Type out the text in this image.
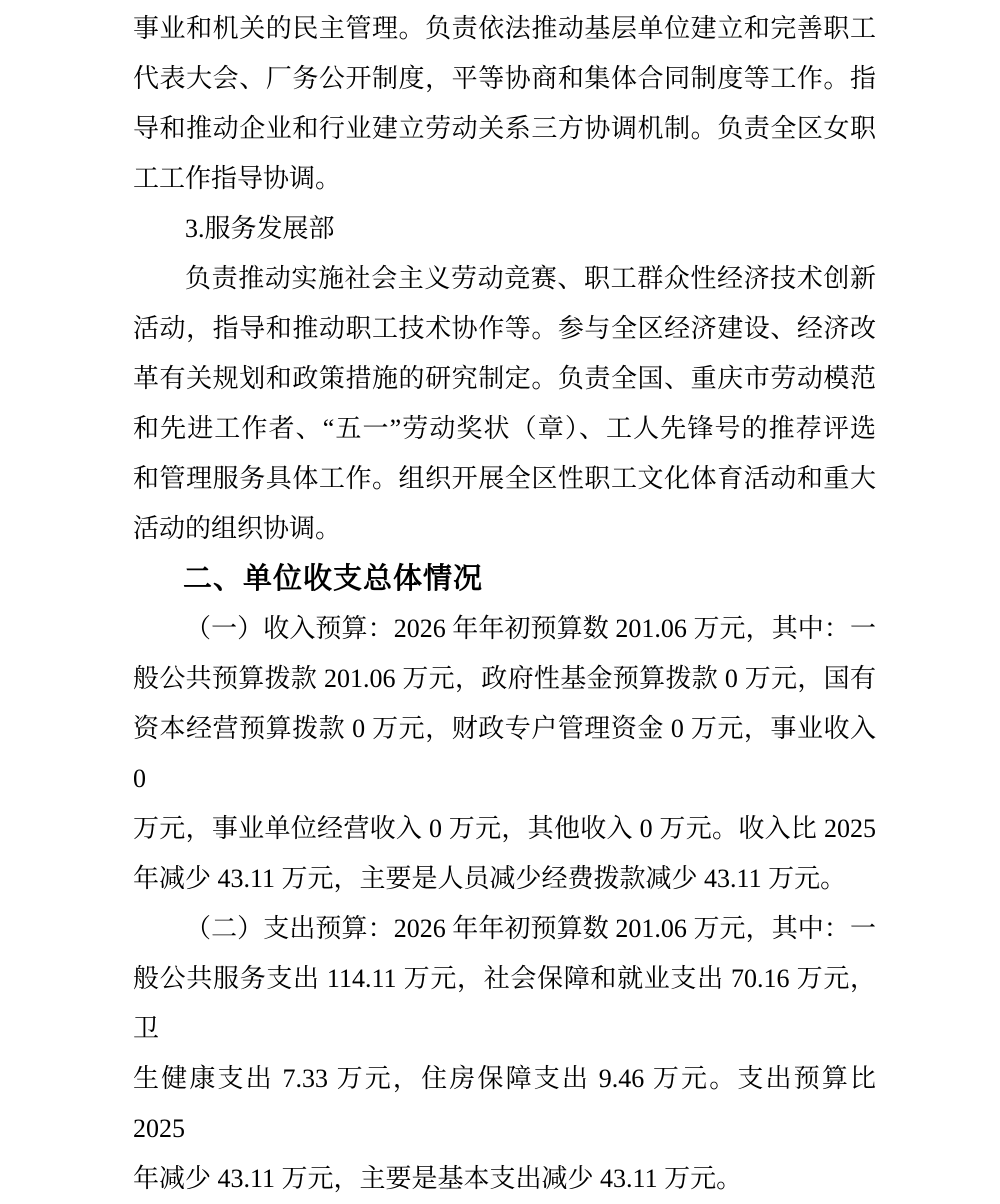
事业和机关的民主管理。负责依法推动基层单位建立和完善职工
代表大会、厂务公开制度，平等协商和集体合同制度等工作。指
导和推动企业和行业建立劳动关系三方协调机制。负责全区女职
工工作指导协调。
3.服务发展部
负责推动实施社会主义劳动竞赛、职工群众性经济技术创新
活动，指导和推动职工技术协作等。参与全区经济建设、经济改
革有关规划和政策措施的研究制定。负责全国、重庆市劳动模范
和先进工作者、“五一”劳动奖状（章）、工人先锋号的推荐评选
和管理服务具体工作。组织开展全区性职工文化体育活动和重大
活动的组织协调。
二、单位收支总体情况
（一）收入预算：2026 年年初预算数 201.06 万元，其中：一
般公共预算拨款 201.06 万元，政府性基金预算拨款 0 万元，国有
资本经营预算拨款 0 万元，财政专户管理资金 0 万元，事业收入 0
万元，事业单位经营收入 0 万元，其他收入 0 万元。收入比 2025
年减少 43.11 万元，主要是人员减少经费拨款减少 43.11 万元。
（二）支出预算：2026 年年初预算数 201.06 万元，其中：一
般公共服务支出 114.11 万元，社会保障和就业支出 70.16 万元，卫
生健康支出 7.33 万元，住房保障支出 9.46 万元。支出预算比 2025
年减少 43.11 万元，主要是基本支出减少 43.11 万元。
